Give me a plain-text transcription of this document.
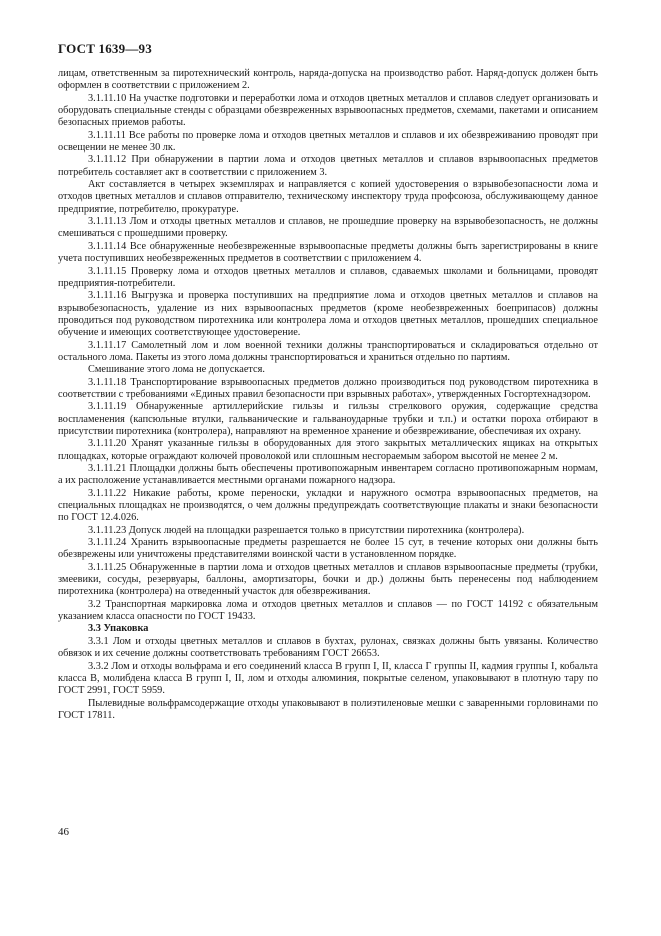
ГОСТ 1639—93

лицам, ответственным за пиротехнический контроль, наряда-допуска на производство работ. Наряд-допуск должен быть оформлен в соответствии с приложением 2.

3.1.11.10 На участке подготовки и переработки лома и отходов цветных металлов и сплавов следует организовать и оборудовать специальные стенды с образцами обезвреженных взрывоопасных предметов, схемами, пакетами и описанием безопасных приемов работы.

3.1.11.11 Все работы по проверке лома и отходов цветных металлов и сплавов и их обезвреживанию проводят при освещении не менее 30 лк.

3.1.11.12 При обнаружении в партии лома и отходов цветных металлов и сплавов взрывоопасных предметов потребитель составляет акт в соответствии с приложением 3.

Акт составляется в четырех экземплярах и направляется с копией удостоверения о взрывобезопасности лома и отходов цветных металлов и сплавов отправителю, техническому инспектору труда профсоюза, обслуживающему данное предприятие, потребителю, прокуратуре.

3.1.11.13 Лом и отходы цветных металлов и сплавов, не прошедшие проверку на взрывобезопасность, не должны смешиваться с прошедшими проверку.

3.1.11.14 Все обнаруженные необезвреженные взрывоопасные предметы должны быть зарегистрированы в книге учета поступивших необезвреженных предметов в соответствии с приложением 4.

3.1.11.15 Проверку лома и отходов цветных металлов и сплавов, сдаваемых школами и больницами, проводят предприятия-потребители.

3.1.11.16 Выгрузка и проверка поступивших на предприятие лома и отходов цветных металлов и сплавов на взрывобезопасность, удаление из них взрывоопасных предметов (кроме необезвреженных боеприпасов) должны проводиться под руководством пиротехника или контролера лома и отходов цветных металлов, прошедших специальное обучение и имеющих соответствующее удостоверение.

3.1.11.17 Самолетный лом и лом военной техники должны транспортироваться и складироваться отдельно от остального лома. Пакеты из этого лома должны транспортироваться и храниться отдельно по партиям.

Смешивание этого лома не допускается.

3.1.11.18 Транспортирование взрывоопасных предметов должно производиться под руководством пиротехника в соответствии с требованиями «Единых правил безопасности при взрывных работах», утвержденных Госгортехнадзором.

3.1.11.19 Обнаруженные артиллерийские гильзы и гильзы стрелкового оружия, содержащие средства воспламенения (капсюльные втулки, гальванические и гальваноударные трубки и т.п.) и остатки пороха отбирают в присутствии пиротехника (контролера), направляют на временное хранение и обезвреживание, обеспечивая их охрану.

3.1.11.20 Хранят указанные гильзы в оборудованных для этого закрытых металлических ящиках на открытых площадках, которые ограждают колючей проволокой или сплошным несгораемым забором высотой не менее 2 м.

3.1.11.21 Площадки должны быть обеспечены противопожарным инвентарем согласно противопожарным нормам, а их расположение устанавливается местными органами пожарного надзора.

3.1.11.22 Никакие работы, кроме переноски, укладки и наружного осмотра взрывоопасных предметов, на специальных площадках не производятся, о чем должны предупреждать соответствующие плакаты и знаки безопасности по ГОСТ 12.4.026.

3.1.11.23 Допуск людей на площадки разрешается только в присутствии пиротехника (контролера).

3.1.11.24 Хранить взрывоопасные предметы разрешается не более 15 сут, в течение которых они должны быть обезврежены или уничтожены представителями воинской части в установленном порядке.

3.1.11.25 Обнаруженные в партии лома и отходов цветных металлов и сплавов взрывоопасные предметы (трубки, змеевики, сосуды, резервуары, баллоны, амортизаторы, бочки и др.) должны быть перенесены под наблюдением пиротехника (контролера) на отведенный участок для обезвреживания.

3.2 Транспортная маркировка лома и отходов цветных металлов и сплавов — по ГОСТ 14192 с обязательным указанием класса опасности по ГОСТ 19433.

3.3 Упаковка

3.3.1 Лом и отходы цветных металлов и сплавов в бухтах, рулонах, связках должны быть увязаны. Количество обвязок и их сечение должны соответствовать требованиям ГОСТ 26653.

3.3.2 Лом и отходы вольфрама и его соединений класса В групп I, II, класса Г группы II, кадмия группы I, кобальта класса В, молибдена класса В групп I, II, лом и отходы алюминия, покрытые селеном, упаковывают в плотную тару по ГОСТ 2991, ГОСТ 5959.

Пылевидные вольфрамсодержащие отходы упаковывают в полиэтиленовые мешки с заваренными горловинами по ГОСТ 17811.

46
